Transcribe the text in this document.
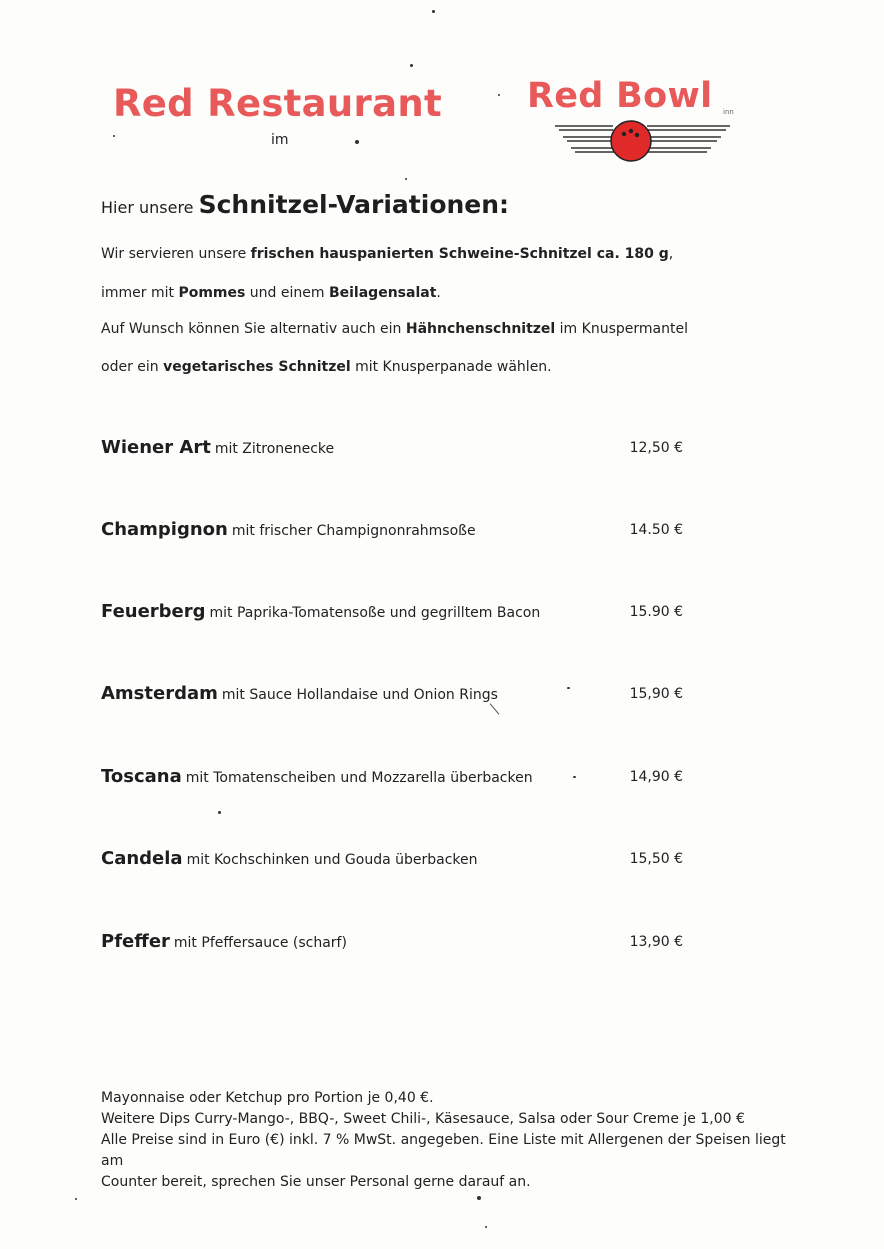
Red Restaurant
im
Red Bowl inn
Hier unsere Schnitzel-Variationen:
Wir servieren unsere frischen hauspanierten Schweine-Schnitzel ca. 180 g,
immer mit Pommes und einem Beilagensalat.
Auf Wunsch können Sie alternativ auch ein Hähnchenschnitzel im Knuspermantel
oder ein vegetarisches Schnitzel mit Knusperpanade wählen.
Wiener Art mit Zitronenecke	12,50 €
Champignon mit frischer Champignonrahmsoße	14.50 €
Feuerberg mit Paprika-Tomatensoße und gegrilltem Bacon	15.90 €
Amsterdam mit Sauce Hollandaise und Onion Rings	15,90 €
Toscana mit Tomatenscheiben und Mozzarella überbacken	14,90 €
Candela mit Kochschinken und Gouda überbacken	15,50 €
Pfeffer mit Pfeffersauce (scharf)	13,90 €
Mayonnaise oder Ketchup pro Portion je 0,40 €.
Weitere Dips Curry-Mango-, BBQ-, Sweet Chili-, Käsesauce, Salsa oder Sour Creme je 1,00 €
Alle Preise sind in Euro (€) inkl. 7 % MwSt. angegeben. Eine Liste mit Allergenen der Speisen liegt am
Counter bereit, sprechen Sie unser Personal gerne darauf an.
